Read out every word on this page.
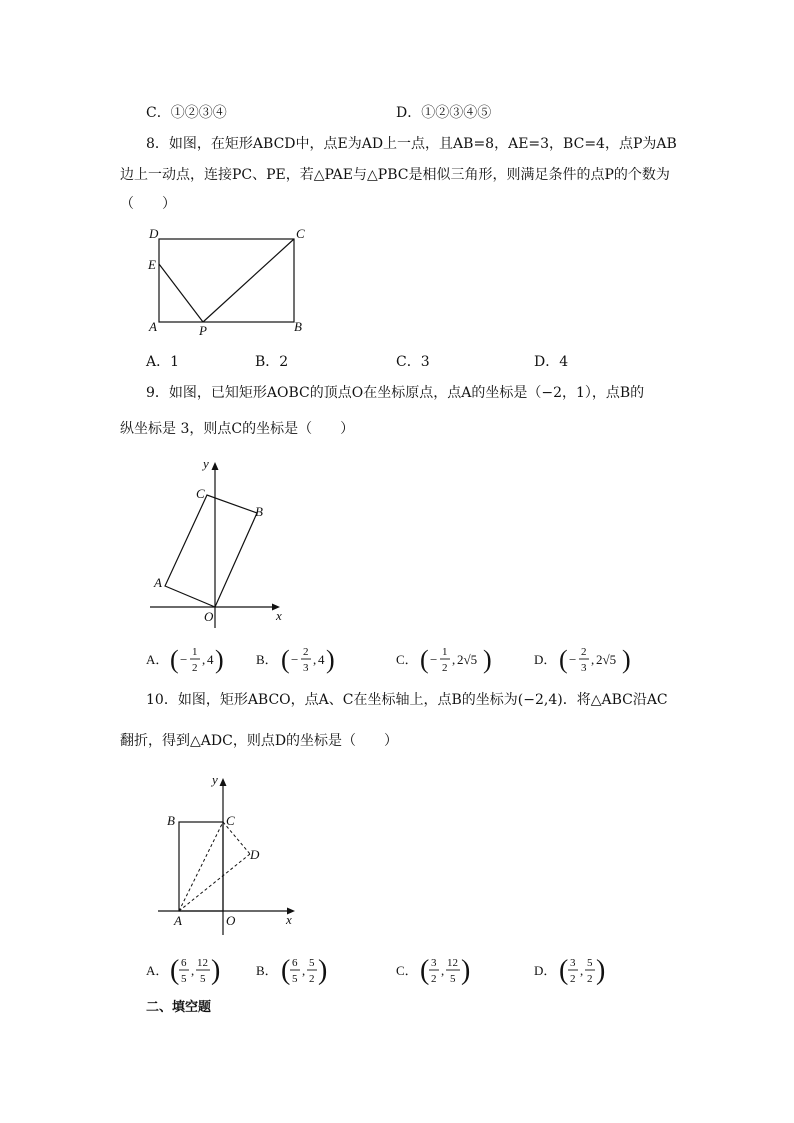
C．①②③④	D．①②③④⑤
8．如图，在矩形ABCD中，点E为AD上一点，且AB=8，AE=3，BC=4，点P为AB
边上一动点，连接PC、PE，若△PAE与△PBC是相似三角形，则满足条件的点P的个数为
（　　）
D	C
E
A	P	B
A．1	B．2	C．3	D．4
9．如图，已知矩形AOBC的顶点O在坐标原点，点A的坐标是（−2，1），点B的
纵坐标是 3，则点C的坐标是（　　）
y
x
C
B
A
O
A． ( − 1
2
, 4 ) B． ( − 2
3
, 4 )	C． ( − 1
2
, 2√5 )	D． ( − 2
3
, 2√5 )
10．如图，矩形ABCO，点A、C在坐标轴上，点B的坐标为(−2,4)．将△ABC沿AC
翻折，得到△ADC，则点D的坐标是（　　）
y
x
B	C
D
A	O
A． ( 6
5
, 12
5 )	B． ( 6
5
, 5
2 )	C． ( 3
2
, 12
5 )	D． ( 3
2
, 5
2 )
二、填空题
